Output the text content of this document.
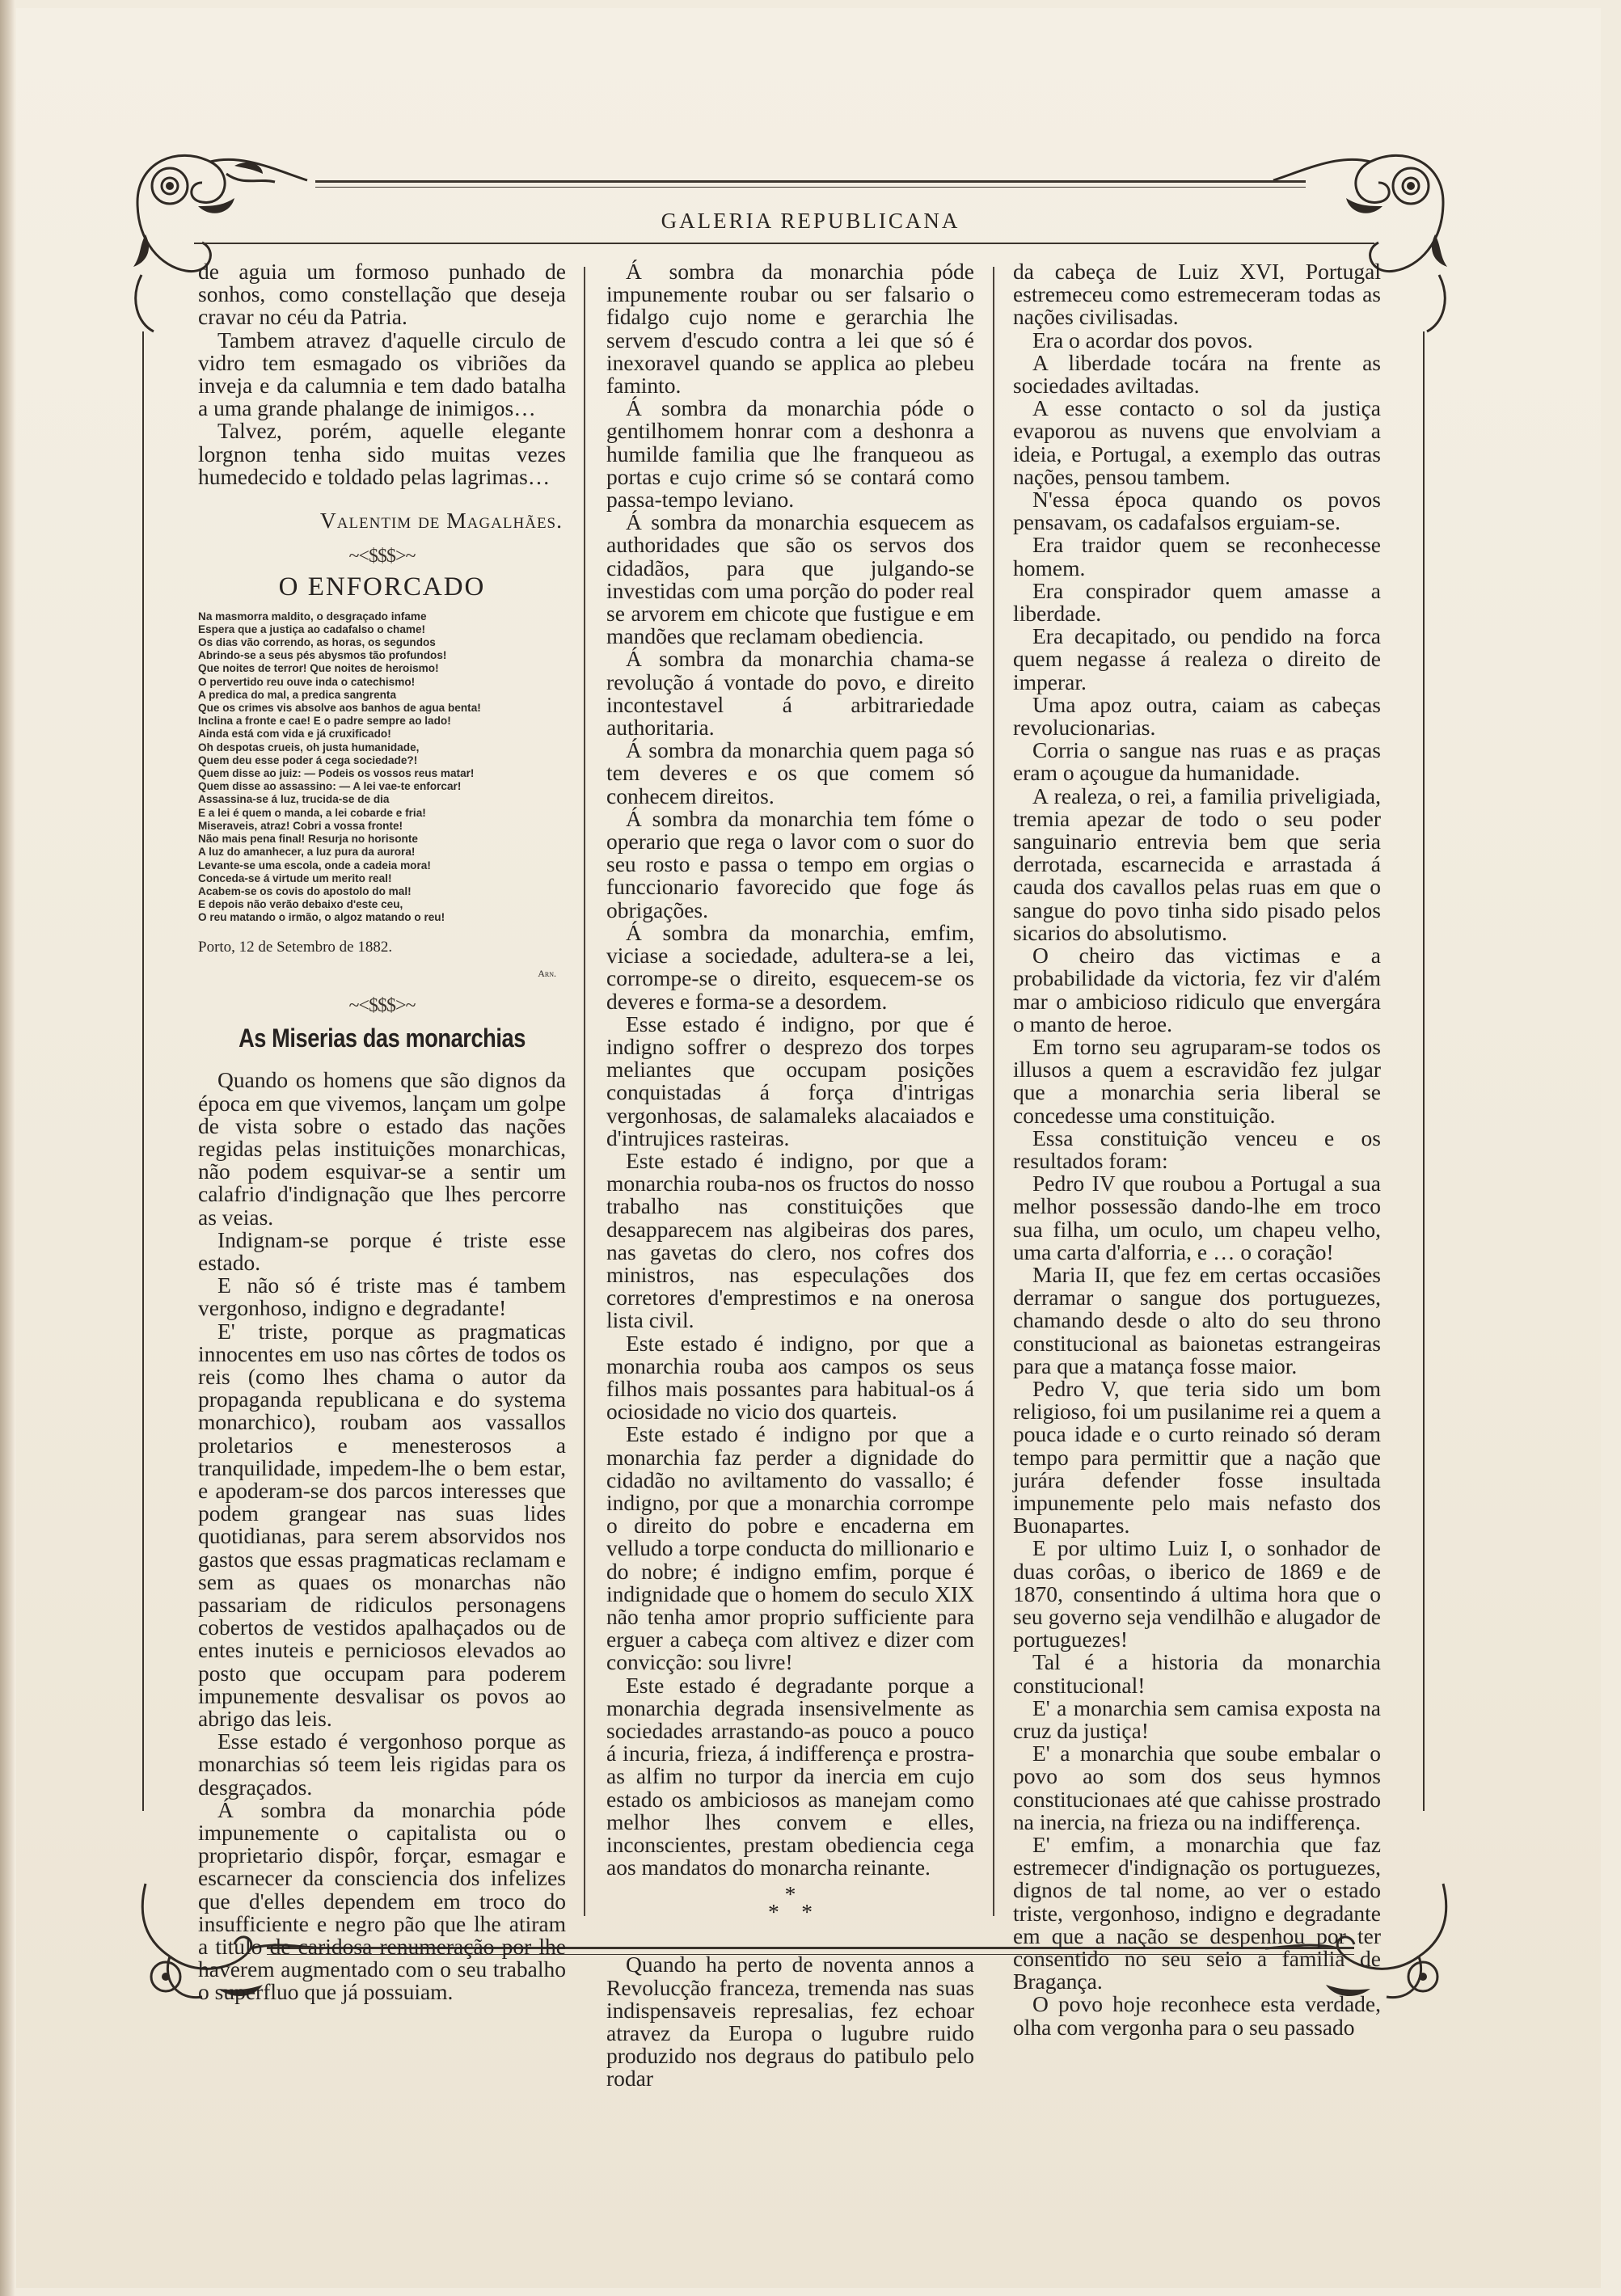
GALERIA REPUBLICANA

de aguia um formoso punhado de sonhos, como constellação que deseja cravar no céu da Patria.

Tambem atravez d'aquelle circulo de vidro tem esmagado os vibriões da inveja e da calumnia e tem dado batalha a uma grande phalange de inimigos…

Talvez, porém, aquelle elegante lorgnon tenha sido muitas vezes humedecido e toldado pelas lagrimas…

Valentim de Magalhães.
~<$$$>~
O ENFORCADO
Na masmorra maldito, o desgraçado infame
Espera que a justiça ao cadafalso o chame!
Os dias vão correndo, as horas, os segundos
Abrindo-se a seus pés abysmos tão profundos!
Que noites de terror! Que noites de heroismo!
O pervertido reu ouve inda o catechismo!
A predica do mal, a predica sangrenta
Que os crimes vis absolve aos banhos de agua benta!
Inclina a fronte e cae! E o padre sempre ao lado!
Ainda está com vida e já cruxificado!
Oh despotas crueis, oh justa humanidade,
Quem deu esse poder á cega sociedade?!
Quem disse ao juiz: — Podeis os vossos reus matar!
Quem disse ao assassino: — A lei vae-te enforcar!
Assassina-se á luz, trucida-se de dia
E a lei é quem o manda, a lei cobarde e fria!
Miseraveis, atraz! Cobri a vossa fronte!
Não mais pena final! Resurja no horisonte
A luz do amanhecer, a luz pura da aurora!
Levante-se uma escola, onde a cadeia mora!
Conceda-se á virtude um merito real!
Acabem-se os covis do apostolo do mal!
E depois não verão debaixo d'este ceu,
O reu matando o irmão, o algoz matando o reu!
Porto, 12 de Setembro de 1882.
Arn.
~<$$$>~
As Miserias das monarchias

Quando os homens que são dignos da época em que vivemos, lançam um golpe de vista sobre o estado das nações regidas pelas instituições monarchicas, não podem esquivar-se a sentir um calafrio d'indignação que lhes percorre as veias.

Indignam-se porque é triste esse estado.

E não só é triste mas é tambem vergonhoso, indigno e degradante!

E' triste, porque as pragmaticas innocentes em uso nas côrtes de todos os reis (como lhes chama o autor da propaganda republicana e do systema monarchico), roubam aos vassallos proletarios e menesterosos a tranquilidade, impedem-lhe o bem estar, e apoderam-se dos parcos interesses que podem grangear nas suas lides quotidianas, para serem absorvidos nos gastos que essas pragmaticas reclamam e sem as quaes os monarchas não passariam de ridiculos personagens cobertos de vestidos apalhaçados ou de entes inuteis e perniciosos elevados ao posto que occupam para poderem impunemente desvalisar os povos ao abrigo das leis.

Esse estado é vergonhoso porque as monarchias só teem leis rigidas para os desgraçados.

Á sombra da monarchia póde impunemente o capitalista ou o proprietario dispôr, forçar, esmagar e escarnecer da consciencia dos infelizes que d'elles dependem em troco do insufficiente e negro pão que lhe atiram a titulo de caridosa renumeração por lhe haverem augmentado com o seu trabalho o superfluo que já possuiam.

Á sombra da monarchia póde impunemente roubar ou ser falsario o fidalgo cujo nome e gerarchia lhe servem d'escudo contra a lei que só é inexoravel quando se applica ao plebeu faminto.

Á sombra da monarchia póde o gentilhomem honrar com a deshonra a humilde familia que lhe franqueou as portas e cujo crime só se contará como passa-tempo leviano.

Á sombra da monarchia esquecem as authoridades que são os servos dos cidadãos, para que julgando-se investidas com uma porção do poder real se arvorem em chicote que fustigue e em mandões que reclamam obediencia.

Á sombra da monarchia chama-se revolução á vontade do povo, e direito incontestavel á arbitrariedade authoritaria.

Á sombra da monarchia quem paga só tem deveres e os que comem só conhecem direitos.

Á sombra da monarchia tem fóme o operario que rega o lavor com o suor do seu rosto e passa o tempo em orgias o funccionario favorecido que foge ás obrigações.

Á sombra da monarchia, emfim, viciase a sociedade, adultera-se a lei, corrompe-se o direito, esquecem-se os deveres e forma-se a desordem.

Esse estado é indigno, por que é indigno soffrer o desprezo dos torpes meliantes que occupam posições conquistadas á força d'intrigas vergonhosas, de salamaleks alacaiados e d'intrujices rasteiras.

Este estado é indigno, por que a monarchia rouba-nos os fructos do nosso trabalho nas constituições que desapparecem nas algibeiras dos pares, nas gavetas do clero, nos cofres dos ministros, nas especulações dos corretores d'emprestimos e na onerosa lista civil.

Este estado é indigno, por que a monarchia rouba aos campos os seus filhos mais possantes para habitual-os á ociosidade no vicio dos quarteis.

Este estado é indigno por que a monarchia faz perder a dignidade do cidadão no aviltamento do vassallo; é indigno, por que a monarchia corrompe o direito do pobre e encaderna em velludo a torpe conducta do millionario e do nobre; é indigno emfim, porque é indignidade que o homem do seculo XIX não tenha amor proprio sufficiente para erguer a cabeça com altivez e dizer com convicção: sou livre!

Este estado é degradante porque a monarchia degrada insensivelmente as sociedades arrastando-as pouco a pouco á incuria, frieza, á indifferença e prostra-as alfim no turpor da inercia em cujo estado os ambiciosos as manejam como melhor lhes convem e elles, inconscientes, prestam obediencia cega aos mandatos do monarcha reinante.

*
*    *

Quando ha perto de noventa annos a Revolucção franceza, tremenda nas suas indispensaveis represalias, fez echoar atravez da Europa o lugubre ruido produzido nos degraus do patibulo pelo rodar

da cabeça de Luiz XVI, Portugal estremeceu como estremeceram todas as nações civilisadas.

Era o acordar dos povos.

A liberdade tocára na frente as sociedades aviltadas.

A esse contacto o sol da justiça evaporou as nuvens que envolviam a ideia, e Portugal, a exemplo das outras nações, pensou tambem.

N'essa época quando os povos pensavam, os cadafalsos erguiam-se.

Era traidor quem se reconhecesse homem.

Era conspirador quem amasse a liberdade.

Era decapitado, ou pendido na forca quem negasse á realeza o direito de imperar.

Uma apoz outra, caiam as cabeças revolucionarias.

Corria o sangue nas ruas e as praças eram o açougue da humanidade.

A realeza, o rei, a familia priveligiada, tremia apezar de todo o seu poder sanguinario entrevia bem que seria derrotada, escarnecida e arrastada á cauda dos cavallos pelas ruas em que o sangue do povo tinha sido pisado pelos sicarios do absolutismo.

O cheiro das victimas e a probabilidade da victoria, fez vir d'além mar o ambicioso ridiculo que envergára o manto de heroe.

Em torno seu agruparam-se todos os illusos a quem a escravidão fez julgar que a monarchia seria liberal se concedesse uma constituição.

Essa constituição venceu e os resultados foram:

Pedro IV que roubou a Portugal a sua melhor possessão dando-lhe em troco sua filha, um oculo, um chapeu velho, uma carta d'alforria, e … o coração!

Maria II, que fez em certas occasiões derramar o sangue dos portuguezes, chamando desde o alto do seu throno constitucional as baionetas estrangeiras para que a matança fosse maior.

Pedro V, que teria sido um bom religioso, foi um pusilanime rei a quem a pouca idade e o curto reinado só deram tempo para permittir que a nação que jurára defender fosse insultada impunemente pelo mais nefasto dos Buonapartes.

E por ultimo Luiz I, o sonhador de duas corôas, o iberico de 1869 e de 1870, consentindo á ultima hora que o seu governo seja vendilhão e alugador de portuguezes!

Tal é a historia da monarchia constitucional!

E' a monarchia sem camisa exposta na cruz da justiça!

E' a monarchia que soube embalar o povo ao som dos seus hymnos constitucionaes até que cahisse prostrado na inercia, na frieza ou na indifferença.

E' emfim, a monarchia que faz estremecer d'indignação os portuguezes, dignos de tal nome, ao ver o estado triste, vergonhoso, indigno e degradante em que a nação se despenhou por ter consentido no seu seio a familia de Bragança.

O povo hoje reconhece esta verdade, olha com vergonha para o seu passado
